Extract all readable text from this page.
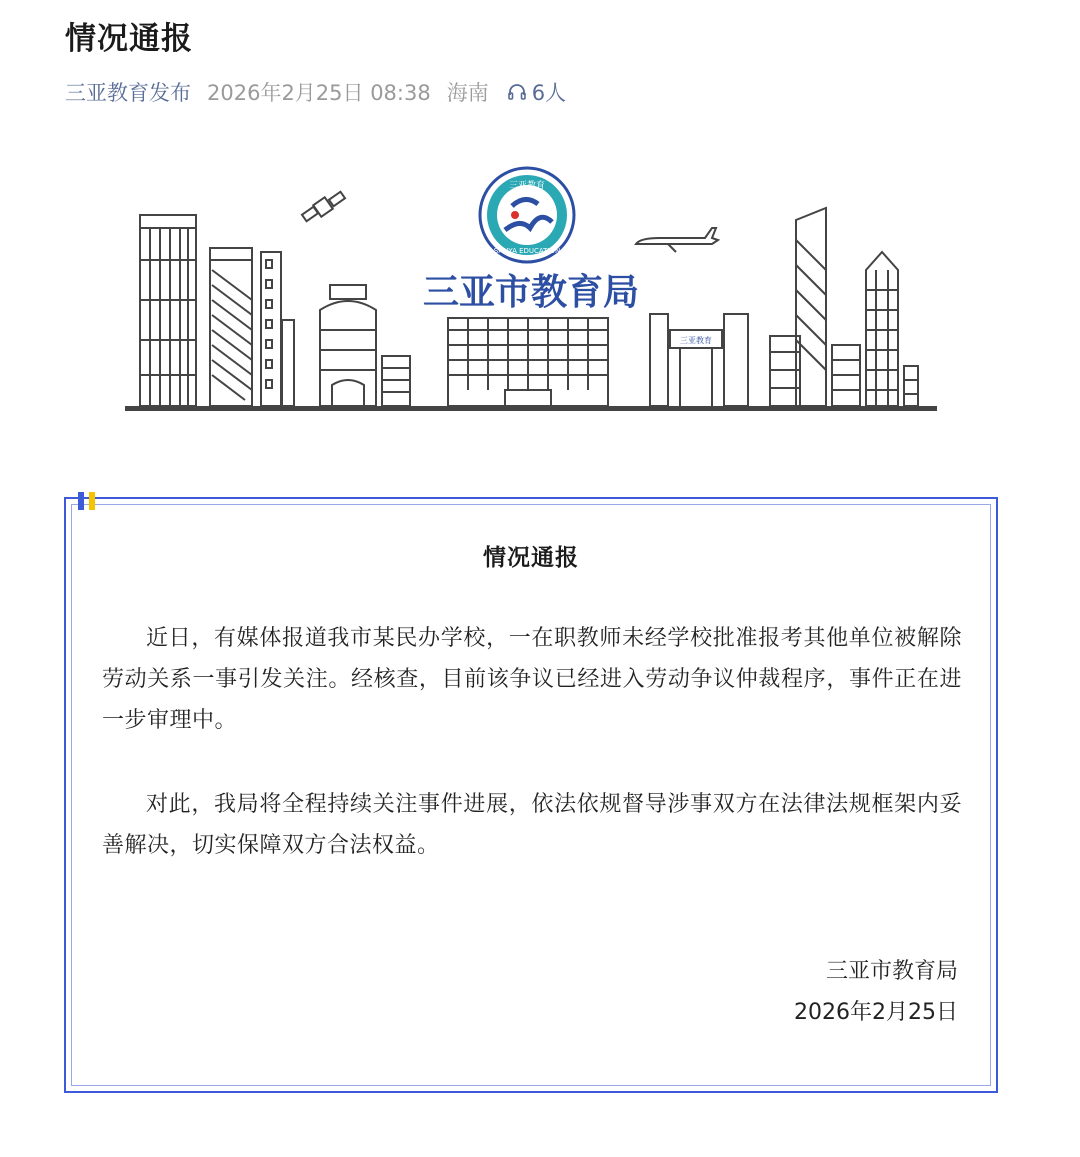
情况通报
三亚教育发布 2026年2月25日 08:38 海南 6人
三亚教育
SANYA EDUCATION
三亚市教育局
三亚教育
情况通报

近日，有媒体报道我市某民办学校，一在职教师未经学校批准报考其他单位被解除劳动关系一事引发关注。经核查，目前该争议已经进入劳动争议仲裁程序，事件正在进一步审理中。

对此，我局将全程持续关注事件进展，依法依规督导涉事双方在法律法规框架内妥善解决，切实保障双方合法权益。

三亚市教育局
2026年2月25日
